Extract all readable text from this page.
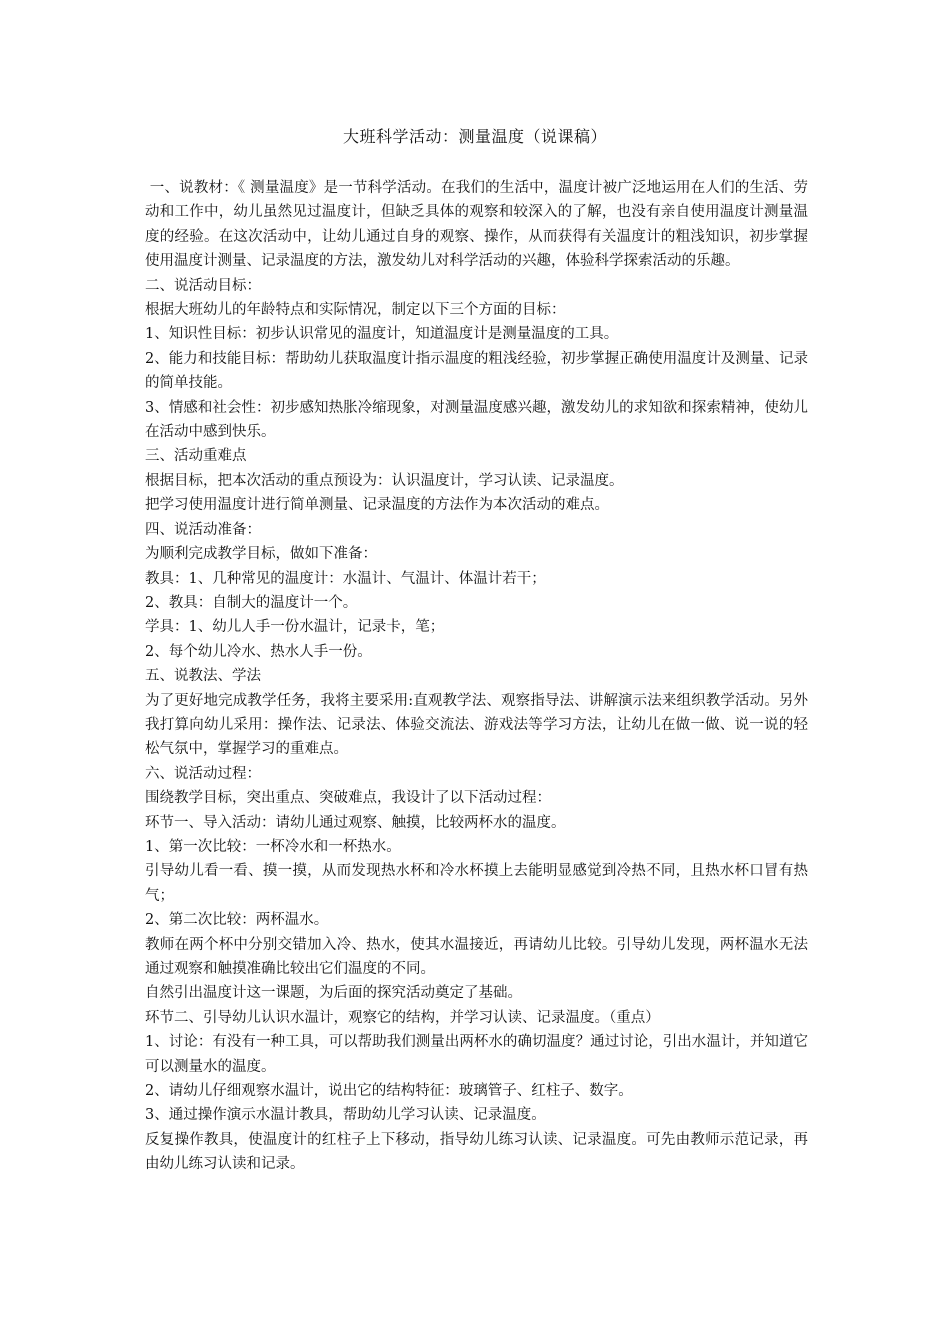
大班科学活动：测量温度（说课稿）

一、说教材：《 测量温度》是一节科学活动。在我们的生活中，温度计被广泛地运用在人们的生活、劳动和工作中，幼儿虽然见过温度计，但缺乏具体的观察和较深入的了解，也没有亲自使用温度计测量温度的经验。在这次活动中，让幼儿通过自身的观察、操作，从而获得有关温度计的粗浅知识，初步掌握使用温度计测量、记录温度的方法，激发幼儿对科学活动的兴趣，体验科学探索活动的乐趣。

二、说活动目标：

根据大班幼儿的年龄特点和实际情况，制定以下三个方面的目标：

1、知识性目标：初步认识常见的温度计，知道温度计是测量温度的工具。

2、能力和技能目标：帮助幼儿获取温度计指示温度的粗浅经验，初步掌握正确使用温度计及测量、记录的简单技能。

3、情感和社会性：初步感知热胀冷缩现象，对测量温度感兴趣，激发幼儿的求知欲和探索精神，使幼儿在活动中感到快乐。

三、活动重难点

根据目标，把本次活动的重点预设为：认识温度计，学习认读、记录温度。

把学习使用温度计进行简单测量、记录温度的方法作为本次活动的难点。

四、说活动准备：

为顺利完成教学目标，做如下准备：

教具：1、几种常见的温度计：水温计、气温计、体温计若干；

2、教具：自制大的温度计一个。

学具：1、幼儿人手一份水温计，记录卡，笔；

2、每个幼儿冷水、热水人手一份。

五、说教法、学法

为了更好地完成教学任务，我将主要采用:直观教学法、观察指导法、讲解演示法来组织教学活动。另外我打算向幼儿采用：操作法、记录法、体验交流法、游戏法等学习方法，让幼儿在做一做、说一说的轻松气氛中，掌握学习的重难点。

六、说活动过程：

围绕教学目标，突出重点、突破难点，我设计了以下活动过程：

环节一、导入活动：请幼儿通过观察、触摸，比较两杯水的温度。

1、第一次比较：一杯冷水和一杯热水。

引导幼儿看一看、摸一摸，从而发现热水杯和冷水杯摸上去能明显感觉到冷热不同，且热水杯口冒有热气；

2、第二次比较：两杯温水。

教师在两个杯中分别交错加入冷、热水，使其水温接近，再请幼儿比较。引导幼儿发现，两杯温水无法通过观察和触摸准确比较出它们温度的不同。

自然引出温度计这一课题，为后面的探究活动奠定了基础。

环节二、引导幼儿认识水温计，观察它的结构，并学习认读、记录温度。（重点）

1、讨论：有没有一种工具，可以帮助我们测量出两杯水的确切温度？通过讨论，引出水温计，并知道它可以测量水的温度。

2、请幼儿仔细观察水温计，说出它的结构特征：玻璃管子、红柱子、数字。

3、通过操作演示水温计教具，帮助幼儿学习认读、记录温度。

反复操作教具，使温度计的红柱子上下移动，指导幼儿练习认读、记录温度。可先由教师示范记录，再由幼儿练习认读和记录。
